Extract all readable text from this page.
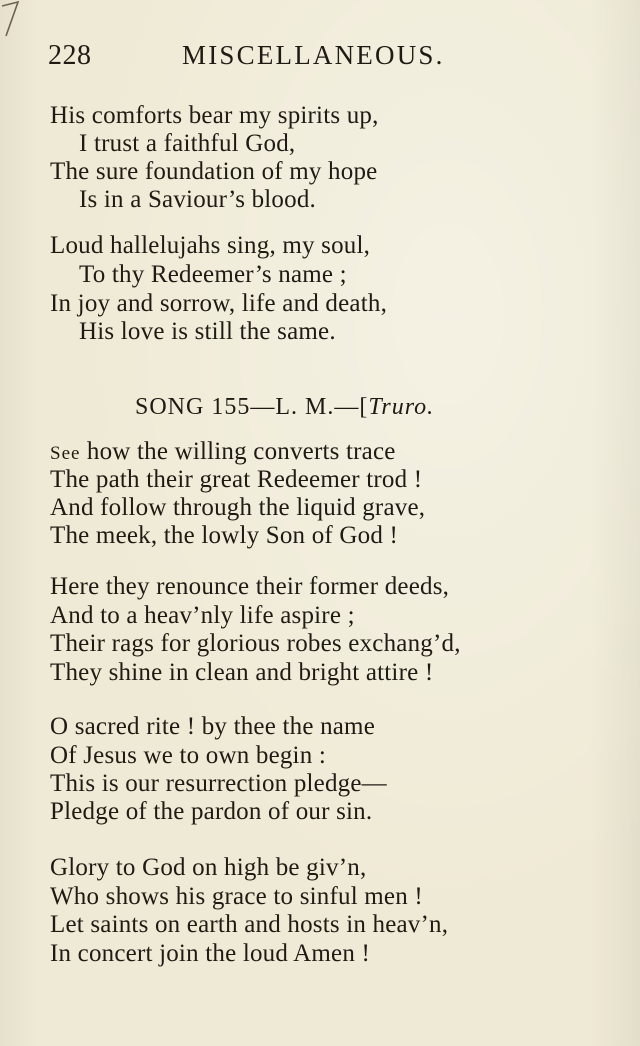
228	MISCELLANEOUS.
His comforts bear my spirits up,
I trust a faithful God,
The sure foundation of my hope
Is in a Saviour’s blood.
Loud hallelujahs sing, my soul,
To thy Redeemer’s name ;
In joy and sorrow, life and death,
His love is still the same.
SONG 155—L. M.—[Truro.
See how the willing converts trace
The path their great Redeemer trod !
And follow through the liquid grave,
The meek, the lowly Son of God !
Here they renounce their former deeds,
And to a heav’nly life aspire ;
Their rags for glorious robes exchang’d,
They shine in clean and bright attire !
O sacred rite ! by thee the name
Of Jesus we to own begin :
This is our resurrection pledge—
Pledge of the pardon of our sin.
Glory to God on high be giv’n,
Who shows his grace to sinful men !
Let saints on earth and hosts in heav’n,
In concert join the loud Amen !
